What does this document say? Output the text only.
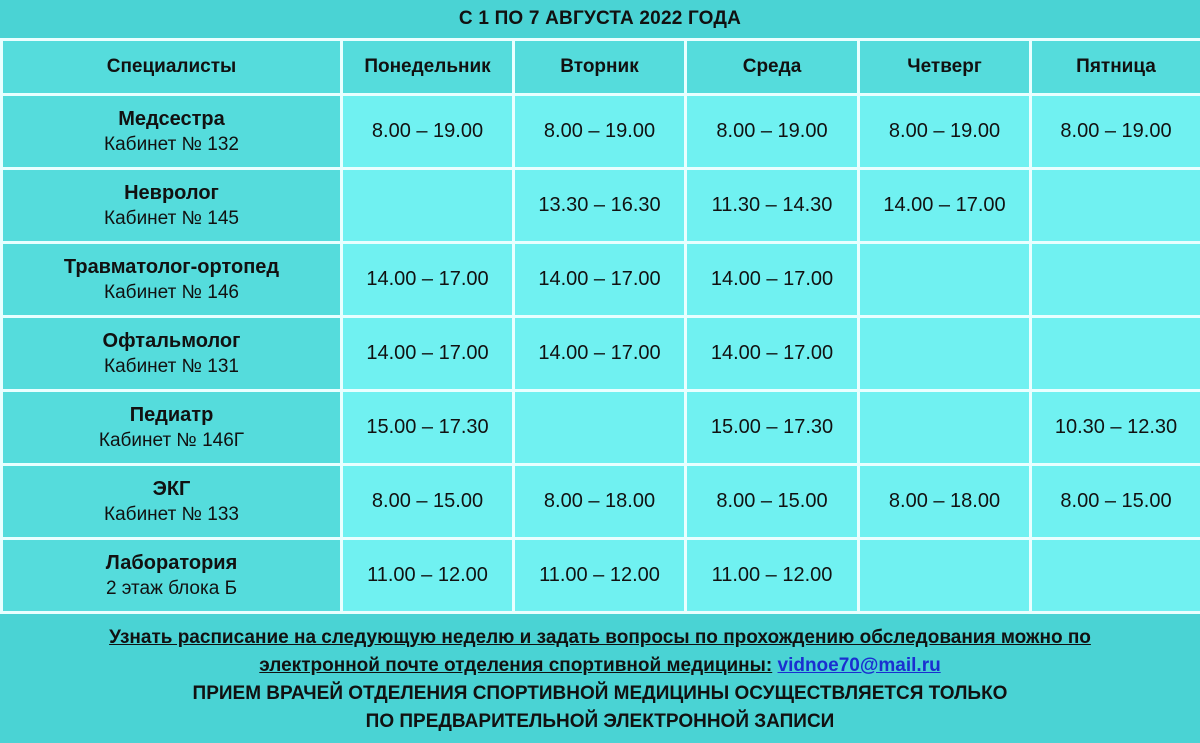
С 1 ПО 7 АВГУСТА 2022 ГОДА
Специалисты	Понедельник	Вторник	Среда	Четверг	Пятница

Медсестра
Кабинет № 132	8.00 – 19.00	8.00 – 19.00	8.00 – 19.00	8.00 – 19.00	8.00 – 19.00

Невролог
Кабинет № 145		13.30 – 16.30	11.30 – 14.30	14.00 – 17.00	

Травматолог-ортопед
Кабинет № 146	14.00 – 17.00	14.00 – 17.00	14.00 – 17.00		

Офтальмолог
Кабинет № 131	14.00 – 17.00	14.00 – 17.00	14.00 – 17.00		

Педиатр
Кабинет № 146Г	15.00 – 17.30		15.00 – 17.30		10.30 – 12.30

ЭКГ
Кабинет № 133	8.00 – 15.00	8.00 – 18.00	8.00 – 15.00	8.00 – 18.00	8.00 – 15.00

Лаборатория
2 этаж блока Б	11.00 – 12.00	11.00 – 12.00	11.00 – 12.00		
Узнать расписание на следующую неделю и задать вопросы по прохождению обследования можно по
электронной почте отделения спортивной медицины: vidnoe70@mail.ru
ПРИЕМ ВРАЧЕЙ ОТДЕЛЕНИЯ СПОРТИВНОЙ МЕДИЦИНЫ ОСУЩЕСТВЛЯЕТСЯ ТОЛЬКО
ПО ПРЕДВАРИТЕЛЬНОЙ ЭЛЕКТРОННОЙ ЗАПИСИ
